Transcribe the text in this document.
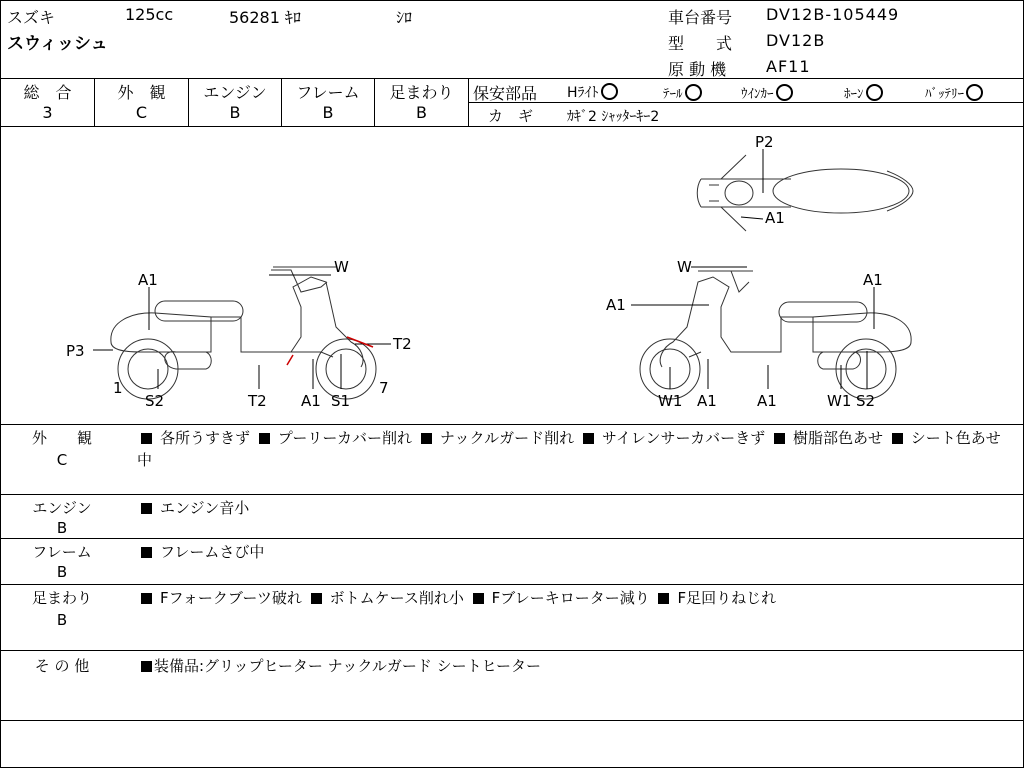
スズキ	125cc	56281 ｷﾛ	ｼﾛ
スウィッシュ
車台番号 DV12B-105449
型　　式 DV12B
原 動 機 AF11
総　合
3
外　観
C
エンジン
B
フレーム
B
足まわり
B
保安部品 Hﾗｲﾄ	ﾃｰﾙ	ｳｲﾝｶｰ	ﾎｰﾝ	ﾊﾞｯﾃﾘｰ
カ　ギ ｶｷﾞ2 ｼｬｯﾀｰｷｰ2
A1
W
P3	T2
1
S2	T2 A1 S1
7
P2
A1
W
A1
A1
W1 A1	A1	W1 S2
外　　観
C
各所うすきず プーリーカバー削れ ナックルガード削れ サイレンサーカバーきず 樹脂部色あせ シート色あせ中
エンジン
B
エンジン音小
フレーム
B
フレームさび中
足まわり
B
Fフォークブーツ破れ ボトムケース削れ小 Fブレーキローター減り F足回りねじれ
そ の 他	装備品:グリップヒーター ナックルガード シートヒーター
